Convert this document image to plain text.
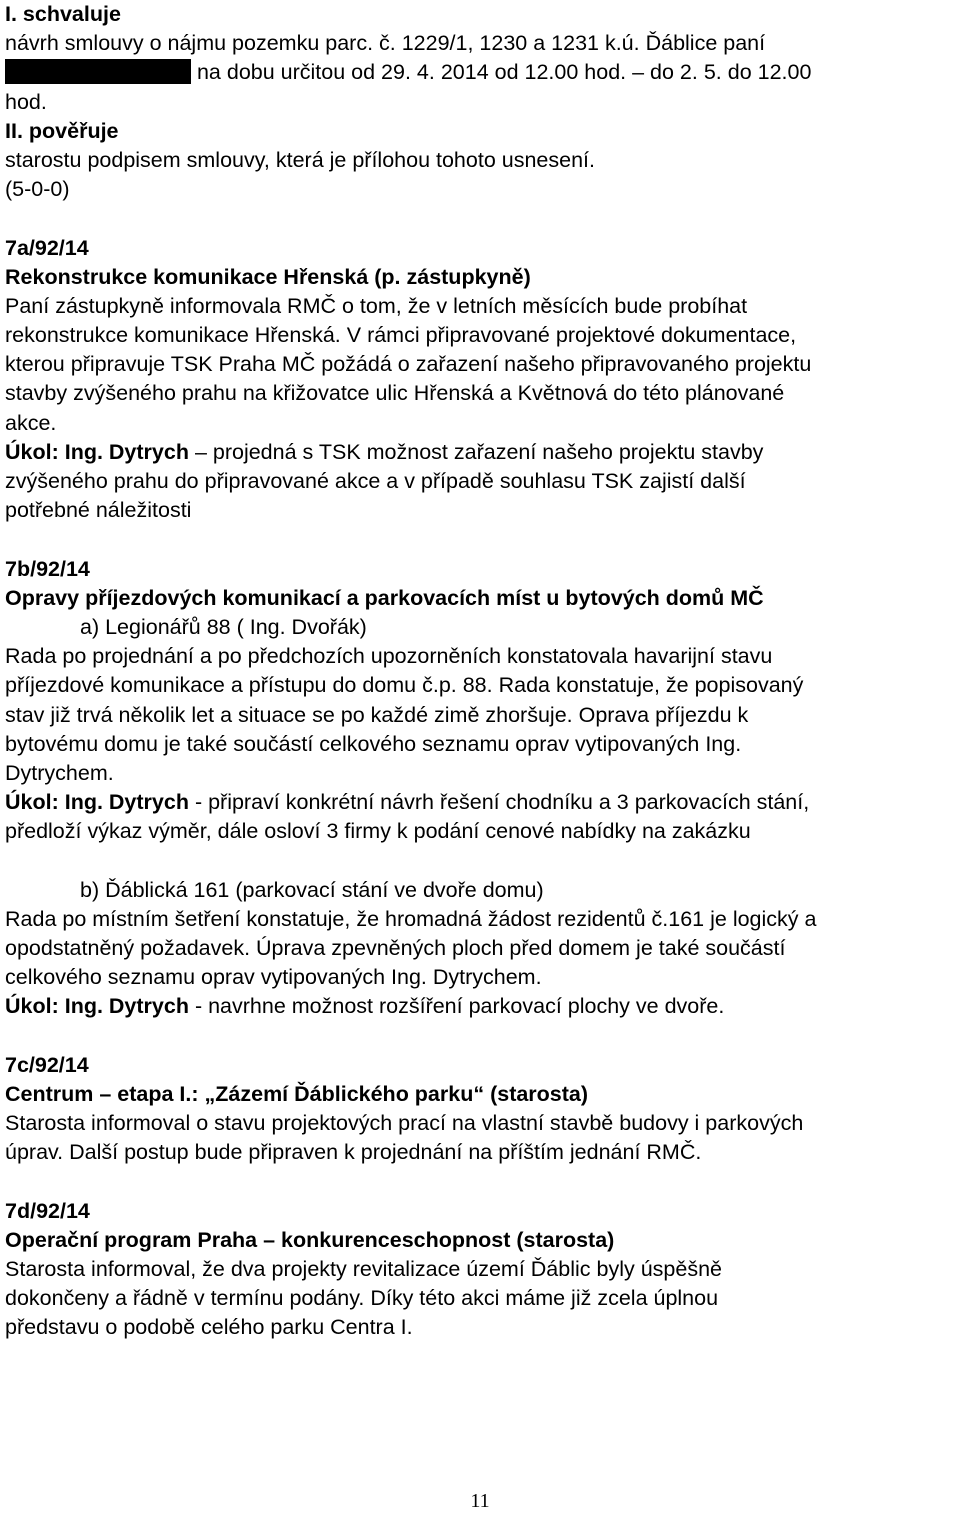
I. schvaluje
návrh smlouvy o nájmu pozemku parc. č. 1229/1, 1230 a 1231 k.ú. Ďáblice paní
na dobu určitou od 29. 4. 2014 od 12.00 hod. – do 2. 5. do 12.00
hod.
II. pověřuje
starostu podpisem smlouvy, která je přílohou tohoto usnesení.
(5-0-0)
7a/92/14
Rekonstrukce komunikace Hřenská (p. zástupkyně)
Paní zástupkyně informovala RMČ o tom, že v letních měsících bude probíhat
rekonstrukce komunikace Hřenská. V rámci připravované projektové dokumentace,
kterou připravuje TSK Praha MČ požádá o zařazení našeho připravovaného projektu
stavby zvýšeného prahu na křižovatce ulic Hřenská a Květnová do této plánované
akce.
Úkol: Ing. Dytrych – projedná s TSK možnost zařazení našeho projektu stavby
zvýšeného prahu do připravované akce a v případě souhlasu TSK zajistí další
potřebné náležitosti
7b/92/14
Opravy příjezdových komunikací a parkovacích míst u bytových domů MČ
a) Legionářů 88 ( Ing. Dvořák)
Rada po projednání a po předchozích upozorněních konstatovala havarijní stavu
příjezdové komunikace a přístupu do domu č.p. 88. Rada konstatuje, že popisovaný
stav již trvá několik let a situace se po každé zimě zhoršuje. Oprava příjezdu k
bytovému domu je také součástí celkového seznamu oprav vytipovaných Ing.
Dytrychem.
Úkol: Ing. Dytrych - připraví konkrétní návrh řešení chodníku a 3 parkovacích stání,
předloží výkaz výměr, dále osloví 3 firmy k podání cenové nabídky na zakázku
b) Ďáblická 161 (parkovací stání ve dvoře domu)
Rada po místním šetření konstatuje, že hromadná žádost rezidentů č.161 je logický a
opodstatněný požadavek. Úprava zpevněných ploch před domem je také součástí
celkového seznamu oprav vytipovaných Ing. Dytrychem.
Úkol: Ing. Dytrych - navrhne možnost rozšíření parkovací plochy ve dvoře.
7c/92/14
Centrum – etapa I.: „Zázemí Ďáblického parku“ (starosta)
Starosta informoval o stavu projektových prací na vlastní stavbě budovy i parkových
úprav. Další postup bude připraven k projednání na příštím jednání RMČ.
7d/92/14
Operační program Praha – konkurenceschopnost (starosta)
Starosta informoval, že dva projekty revitalizace území Ďáblic byly úspěšně
dokončeny a řádně v termínu podány. Díky této akci máme již zcela úplnou
představu o podobě celého parku Centra I.
11
